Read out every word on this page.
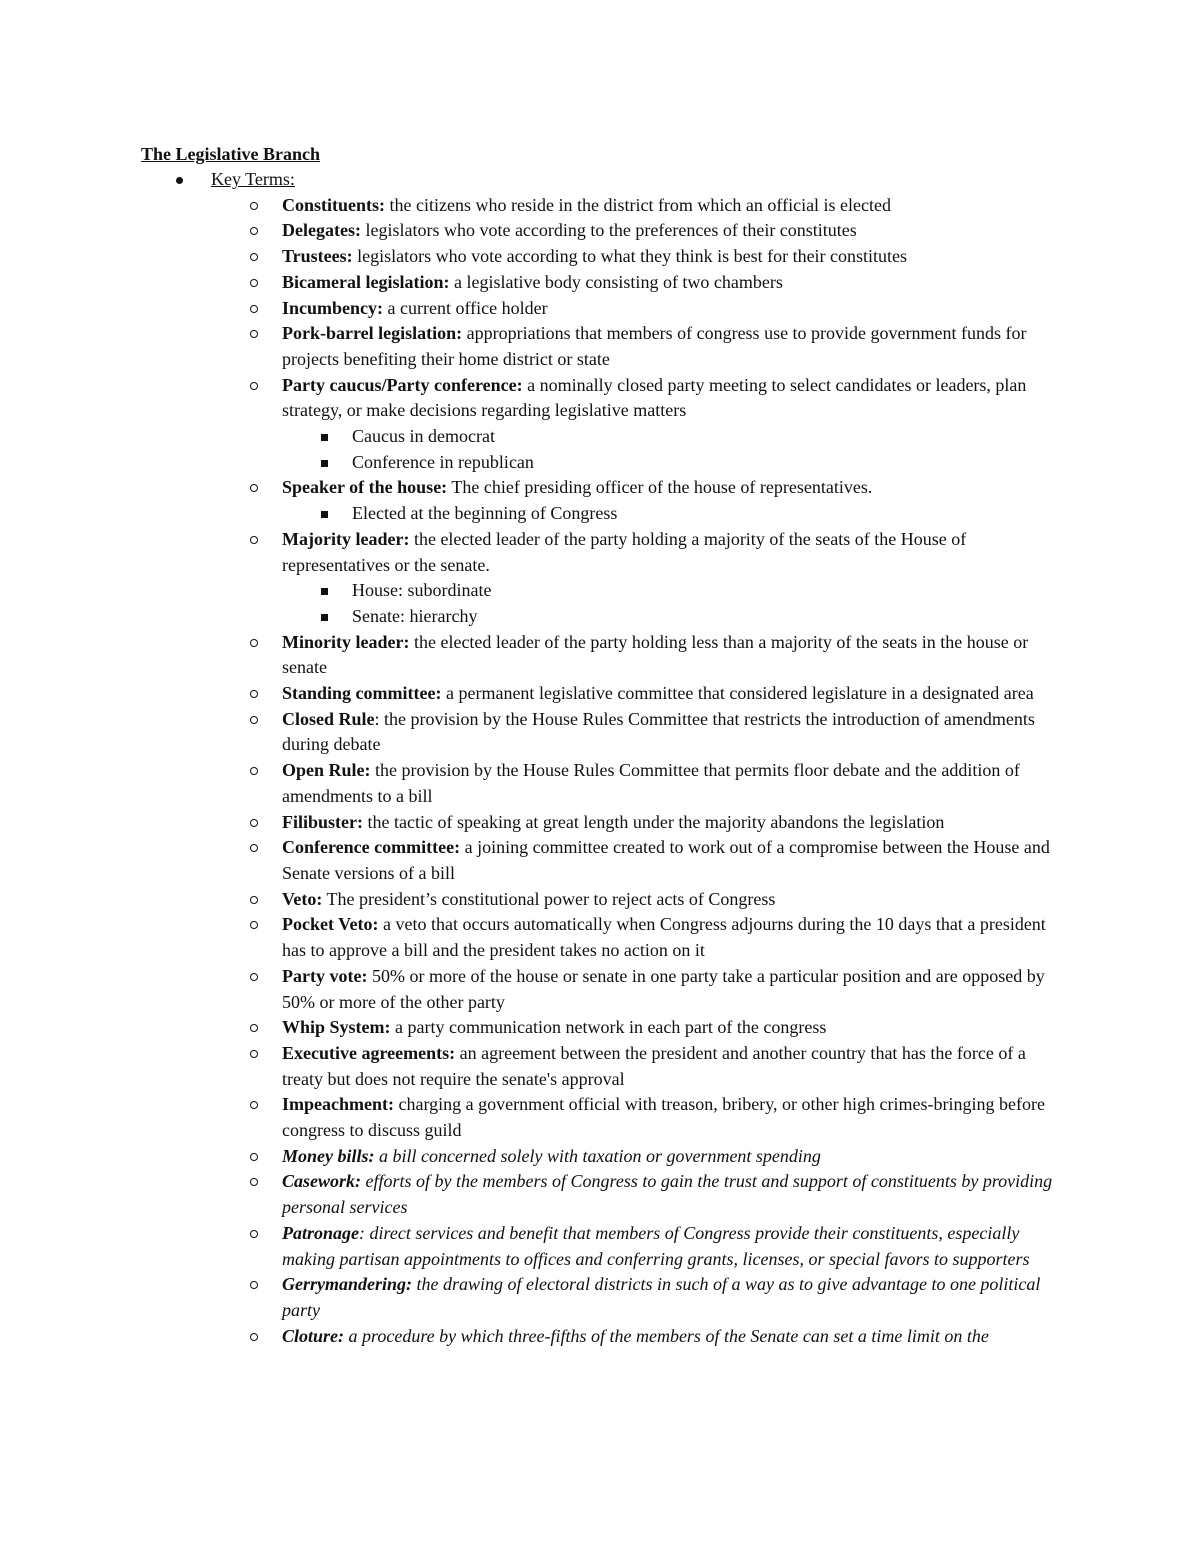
The Legislative Branch
Key Terms:
Constituents: the citizens who reside in the district from which an official is elected
Delegates: legislators who vote according to the preferences of their constitutes
Trustees: legislators who vote according to what they think is best for their constitutes
Bicameral legislation: a legislative body consisting of two chambers
Incumbency: a current office holder
Pork-barrel legislation: appropriations that members of congress use to provide government funds for projects benefiting their home district or state
Party caucus/Party conference: a nominally closed party meeting to select candidates or leaders, plan strategy, or make decisions regarding legislative matters
Caucus in democrat
Conference in republican
Speaker of the house: The chief presiding officer of the house of representatives.
Elected at the beginning of Congress
Majority leader: the elected leader of the party holding a majority of the seats of the House of representatives or the senate.
House: subordinate
Senate: hierarchy
Minority leader: the elected leader of the party holding less than a majority of the seats in the house or senate
Standing committee: a permanent legislative committee that considered legislature in a designated area
Closed Rule: the provision by the House Rules Committee that restricts the introduction of amendments during debate
Open Rule: the provision by the House Rules Committee that permits floor debate and the addition of amendments to a bill
Filibuster: the tactic of speaking at great length under the majority abandons the legislation
Conference committee: a joining committee created to work out of a compromise between the House and Senate versions of a bill
Veto: The president’s constitutional power to reject acts of Congress
Pocket Veto: a veto that occurs automatically when Congress adjourns during the 10 days that a president has to approve a bill and the president takes no action on it
Party vote: 50% or more of the house or senate in one party take a particular position and are opposed by 50% or more of the other party
Whip System: a party communication network in each part of the congress
Executive agreements: an agreement between the president and another country that has the force of a treaty but does not require the senate's approval
Impeachment: charging a government official with treason, bribery, or other high crimes-bringing before congress to discuss guild
Money bills: a bill concerned solely with taxation or government spending
Casework: efforts of by the members of Congress to gain the trust and support of constituents by providing personal services
Patronage: direct services and benefit that members of Congress provide their constituents, especially making partisan appointments to offices and conferring grants, licenses, or special favors to supporters
Gerrymandering: the drawing of electoral districts in such of a way as to give advantage to one political party
Cloture: a procedure by which three-fifths of the members of the Senate can set a time limit on the
